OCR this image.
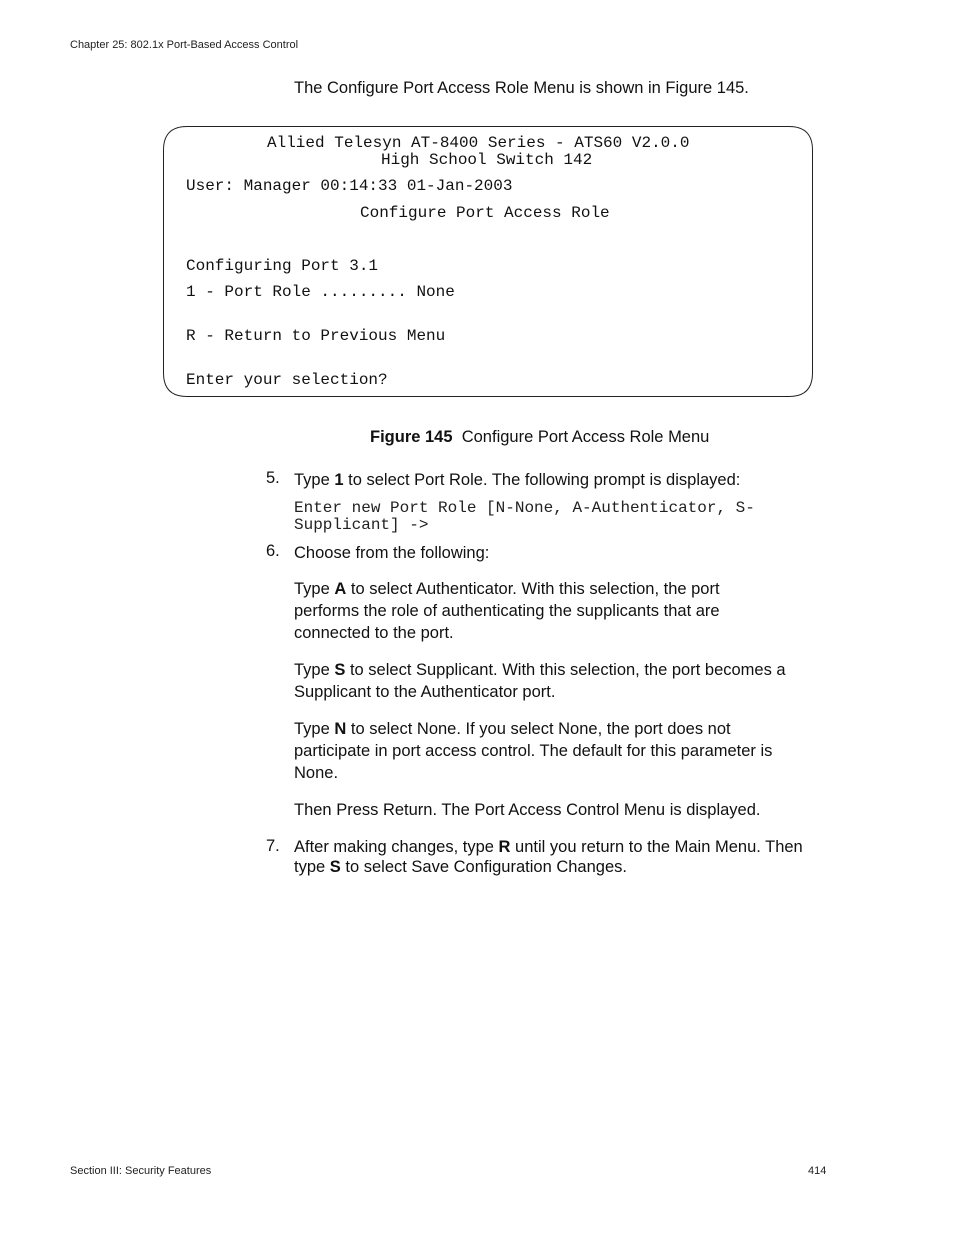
Chapter 25: 802.1x Port-Based Access Control
The Configure Port Access Role Menu is shown in Figure 145.
Allied Telesyn AT-8400 Series - ATS60 V2.0.0
High School Switch 142
User: Manager 00:14:33 01-Jan-2003
Configure Port Access Role
Configuring Port 3.1
1 - Port Role ......... None
R - Return to Previous Menu
Enter your selection?
Figure 145 Configure Port Access Role Menu
5. Type 1 to select Port Role. The following prompt is displayed:
Enter new Port Role [N-None, A-Authenticator, S-
Supplicant] ->
6. Choose from the following:
Type A to select Authenticator. With this selection, the port performs the role of authenticating the supplicants that are connected to the port.
Type S to select Supplicant. With this selection, the port becomes a Supplicant to the Authenticator port.
Type N to select None. If you select None, the port does not participate in port access control. The default for this parameter is None.
Then Press Return. The Port Access Control Menu is displayed.
7. After making changes, type R until you return to the Main Menu. Then type S to select Save Configuration Changes.
Section III: Security Features	414
